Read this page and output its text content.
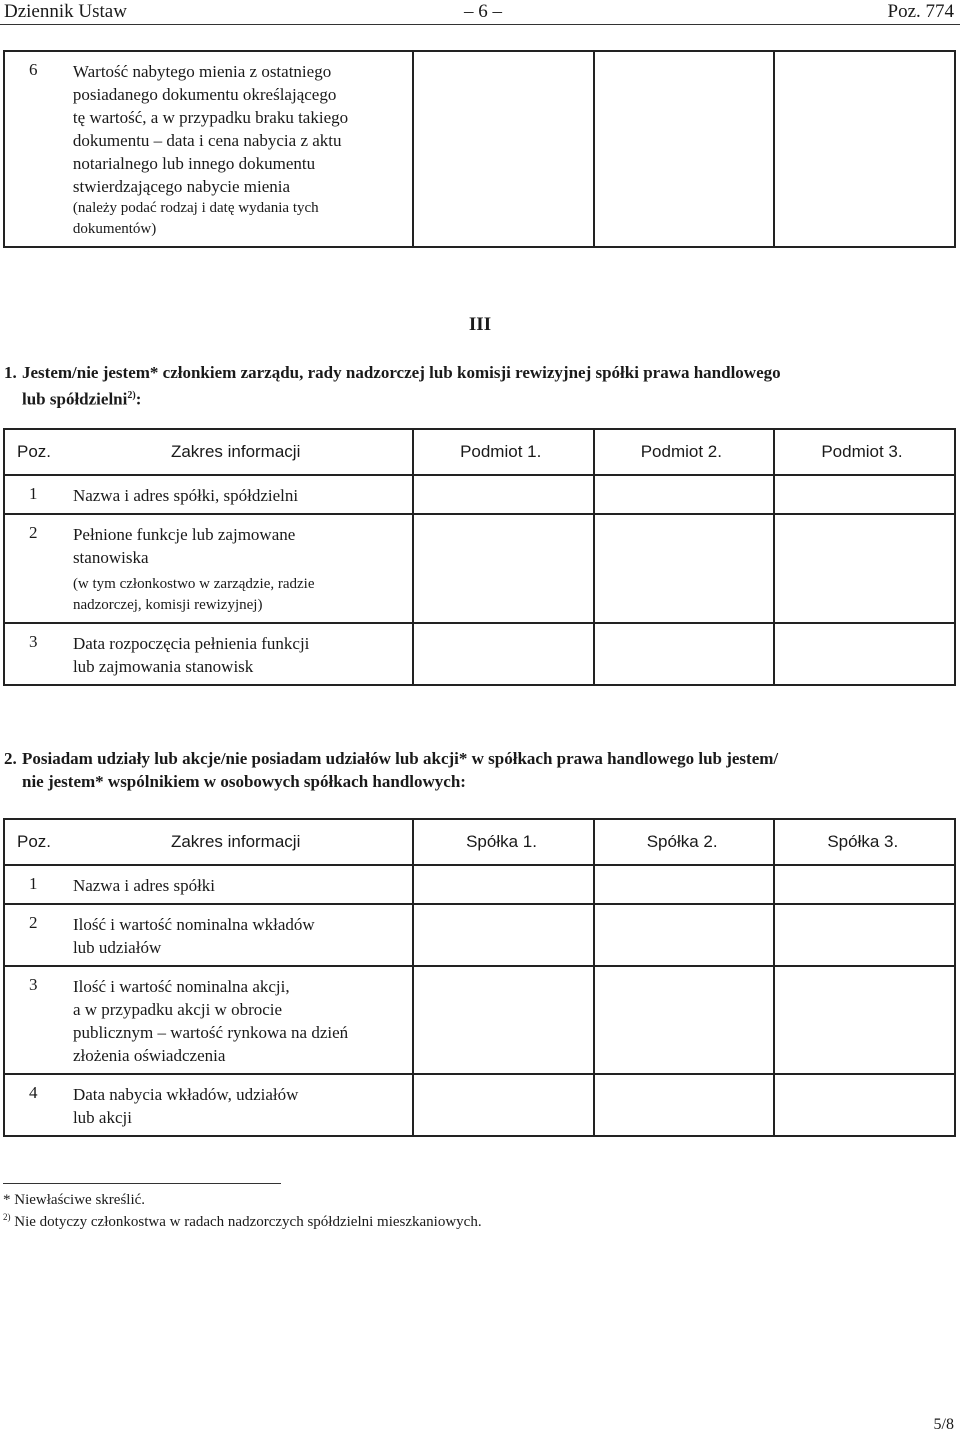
Dziennik Ustaw	– 6 –	Poz. 774
6	Wartość nabytego mienia z ostatniego
posiadanego dokumentu określającego
tę wartość, a w przypadku braku takiego
dokumentu – data i cena nabycia z aktu
notarialnego lub innego dokumentu
stwierdzającego nabycie mienia
(należy podać rodzaj i datę wydania tych
dokumentów)

III
1. Jestem/nie jestem* członkiem zarządu, rady nadzorczej lub komisji rewizyjnej spółki prawa handlowego
lub spółdzielni$^{2)}$:
Poz.	Zakres informacji	Podmiot 1.	Podmiot 2.	Podmiot 3.
1	Nazwa i adres spółki, spółdzielni			

2	Pełnione funkcje lub zajmowane
stanowiska
(w tym członkostwo w zarządzie, radzie
nadzorczej, komisji rewizyjnej)			

3	Data rozpoczęcia pełnienia funkcji
lub zajmowania stanowisk			

2. Posiadam udziały lub akcje/nie posiadam udziałów lub akcji* w spółkach prawa handlowego lub jestem/
nie jestem* wspólnikiem w osobowych spółkach handlowych:
Poz.	Zakres informacji	Spółka 1.	Spółka 2.	Spółka 3.
1	Nazwa i adres spółki			

2	Ilość i wartość nominalna wkładów
lub udziałów			

3	Ilość i wartość nominalna akcji,
a w przypadku akcji w obrocie
publicznym – wartość rynkowa na dzień
złożenia oświadczenia			

4	Data nabycia wkładów, udziałów
lub akcji			

* Niewłaściwe skreślić.
$^{2)}$ Nie dotyczy członkostwa w radach nadzorczych spółdzielni mieszkaniowych.
5/8
